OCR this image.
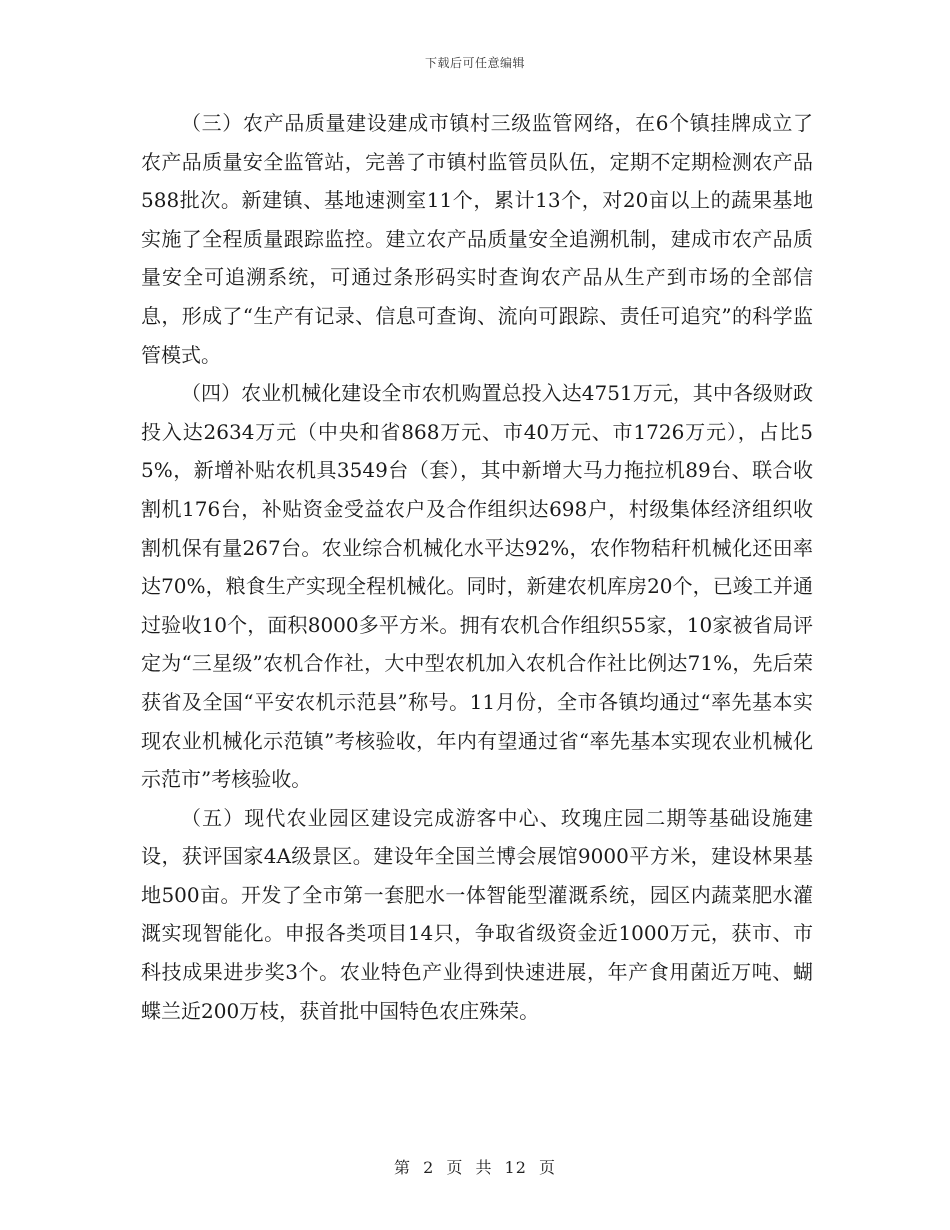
下载后可任意编辑

（三）农产品质量建设建成市镇村三级监管网络，在6个镇挂牌成立了农产品质量安全监管站，完善了市镇村监管员队伍，定期不定期检测农产品588批次。新建镇、基地速测室11个，累计13个，对20亩以上的蔬果基地实施了全程质量跟踪监控。建立农产品质量安全追溯机制，建成市农产品质量安全可追溯系统，可通过条形码实时查询农产品从生产到市场的全部信息，形成了“生产有记录、信息可查询、流向可跟踪、责任可追究”的科学监管模式。

（四）农业机械化建设全市农机购置总投入达4751万元，其中各级财政投入达2634万元（中央和省868万元、市40万元、市1726万元），占比55%，新增补贴农机具3549台（套），其中新增大马力拖拉机89台、联合收割机176台，补贴资金受益农户及合作组织达698户，村级集体经济组织收割机保有量267台。农业综合机械化水平达92%，农作物秸秆机械化还田率达70%，粮食生产实现全程机械化。同时，新建农机库房20个，已竣工并通过验收10个，面积8000多平方米。拥有农机合作组织55家，10家被省局评定为“三星级”农机合作社，大中型农机加入农机合作社比例达71%，先后荣获省及全国“平安农机示范县”称号。11月份，全市各镇均通过“率先基本实现农业机械化示范镇”考核验收，年内有望通过省“率先基本实现农业机械化示范市”考核验收。

（五）现代农业园区建设完成游客中心、玫瑰庄园二期等基础设施建设，获评国家4A级景区。建设年全国兰博会展馆9000平方米，建设林果基地500亩。开发了全市第一套肥水一体智能型灌溉系统，园区内蔬菜肥水灌溉实现智能化。申报各类项目14只，争取省级资金近1000万元，获市、市科技成果进步奖3个。农业特色产业得到快速进展，年产食用菌近万吨、蝴蝶兰近200万枝，获首批中国特色农庄殊荣。

第 2 页 共 12 页
